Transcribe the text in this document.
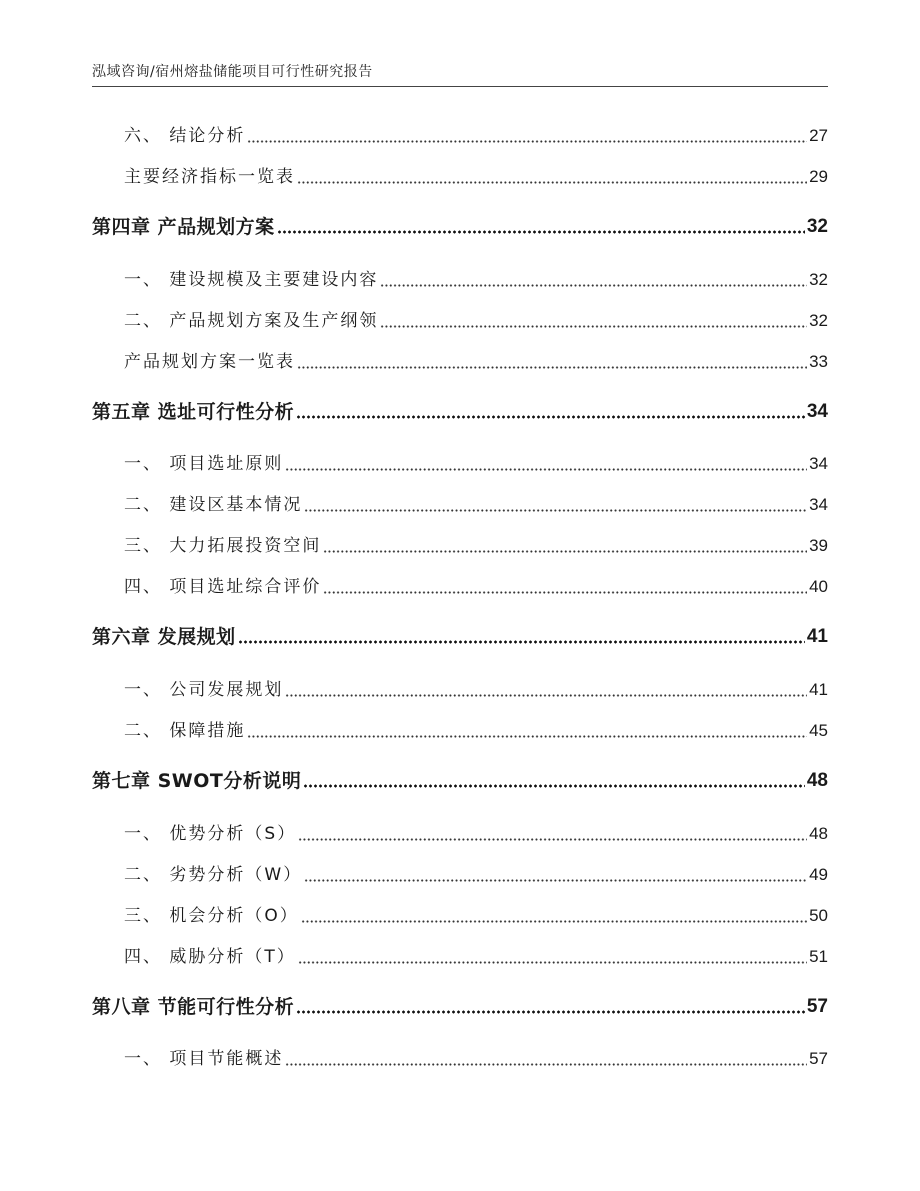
泓域咨询/宿州熔盐储能项目可行性研究报告
六、 结论分析	27
主要经济指标一览表	29
第四章 产品规划方案	32
一、 建设规模及主要建设内容	32
二、 产品规划方案及生产纲领	32
产品规划方案一览表	33
第五章 选址可行性分析	34
一、 项目选址原则	34
二、 建设区基本情况	34
三、 大力拓展投资空间	39
四、 项目选址综合评价	40
第六章 发展规划	41
一、 公司发展规划	41
二、 保障措施	45
第七章 SWOT分析说明	48
一、 优势分析（S）	48
二、 劣势分析（W）	49
三、 机会分析（O）	50
四、 威胁分析（T）	51
第八章 节能可行性分析	57
一、 项目节能概述	57
